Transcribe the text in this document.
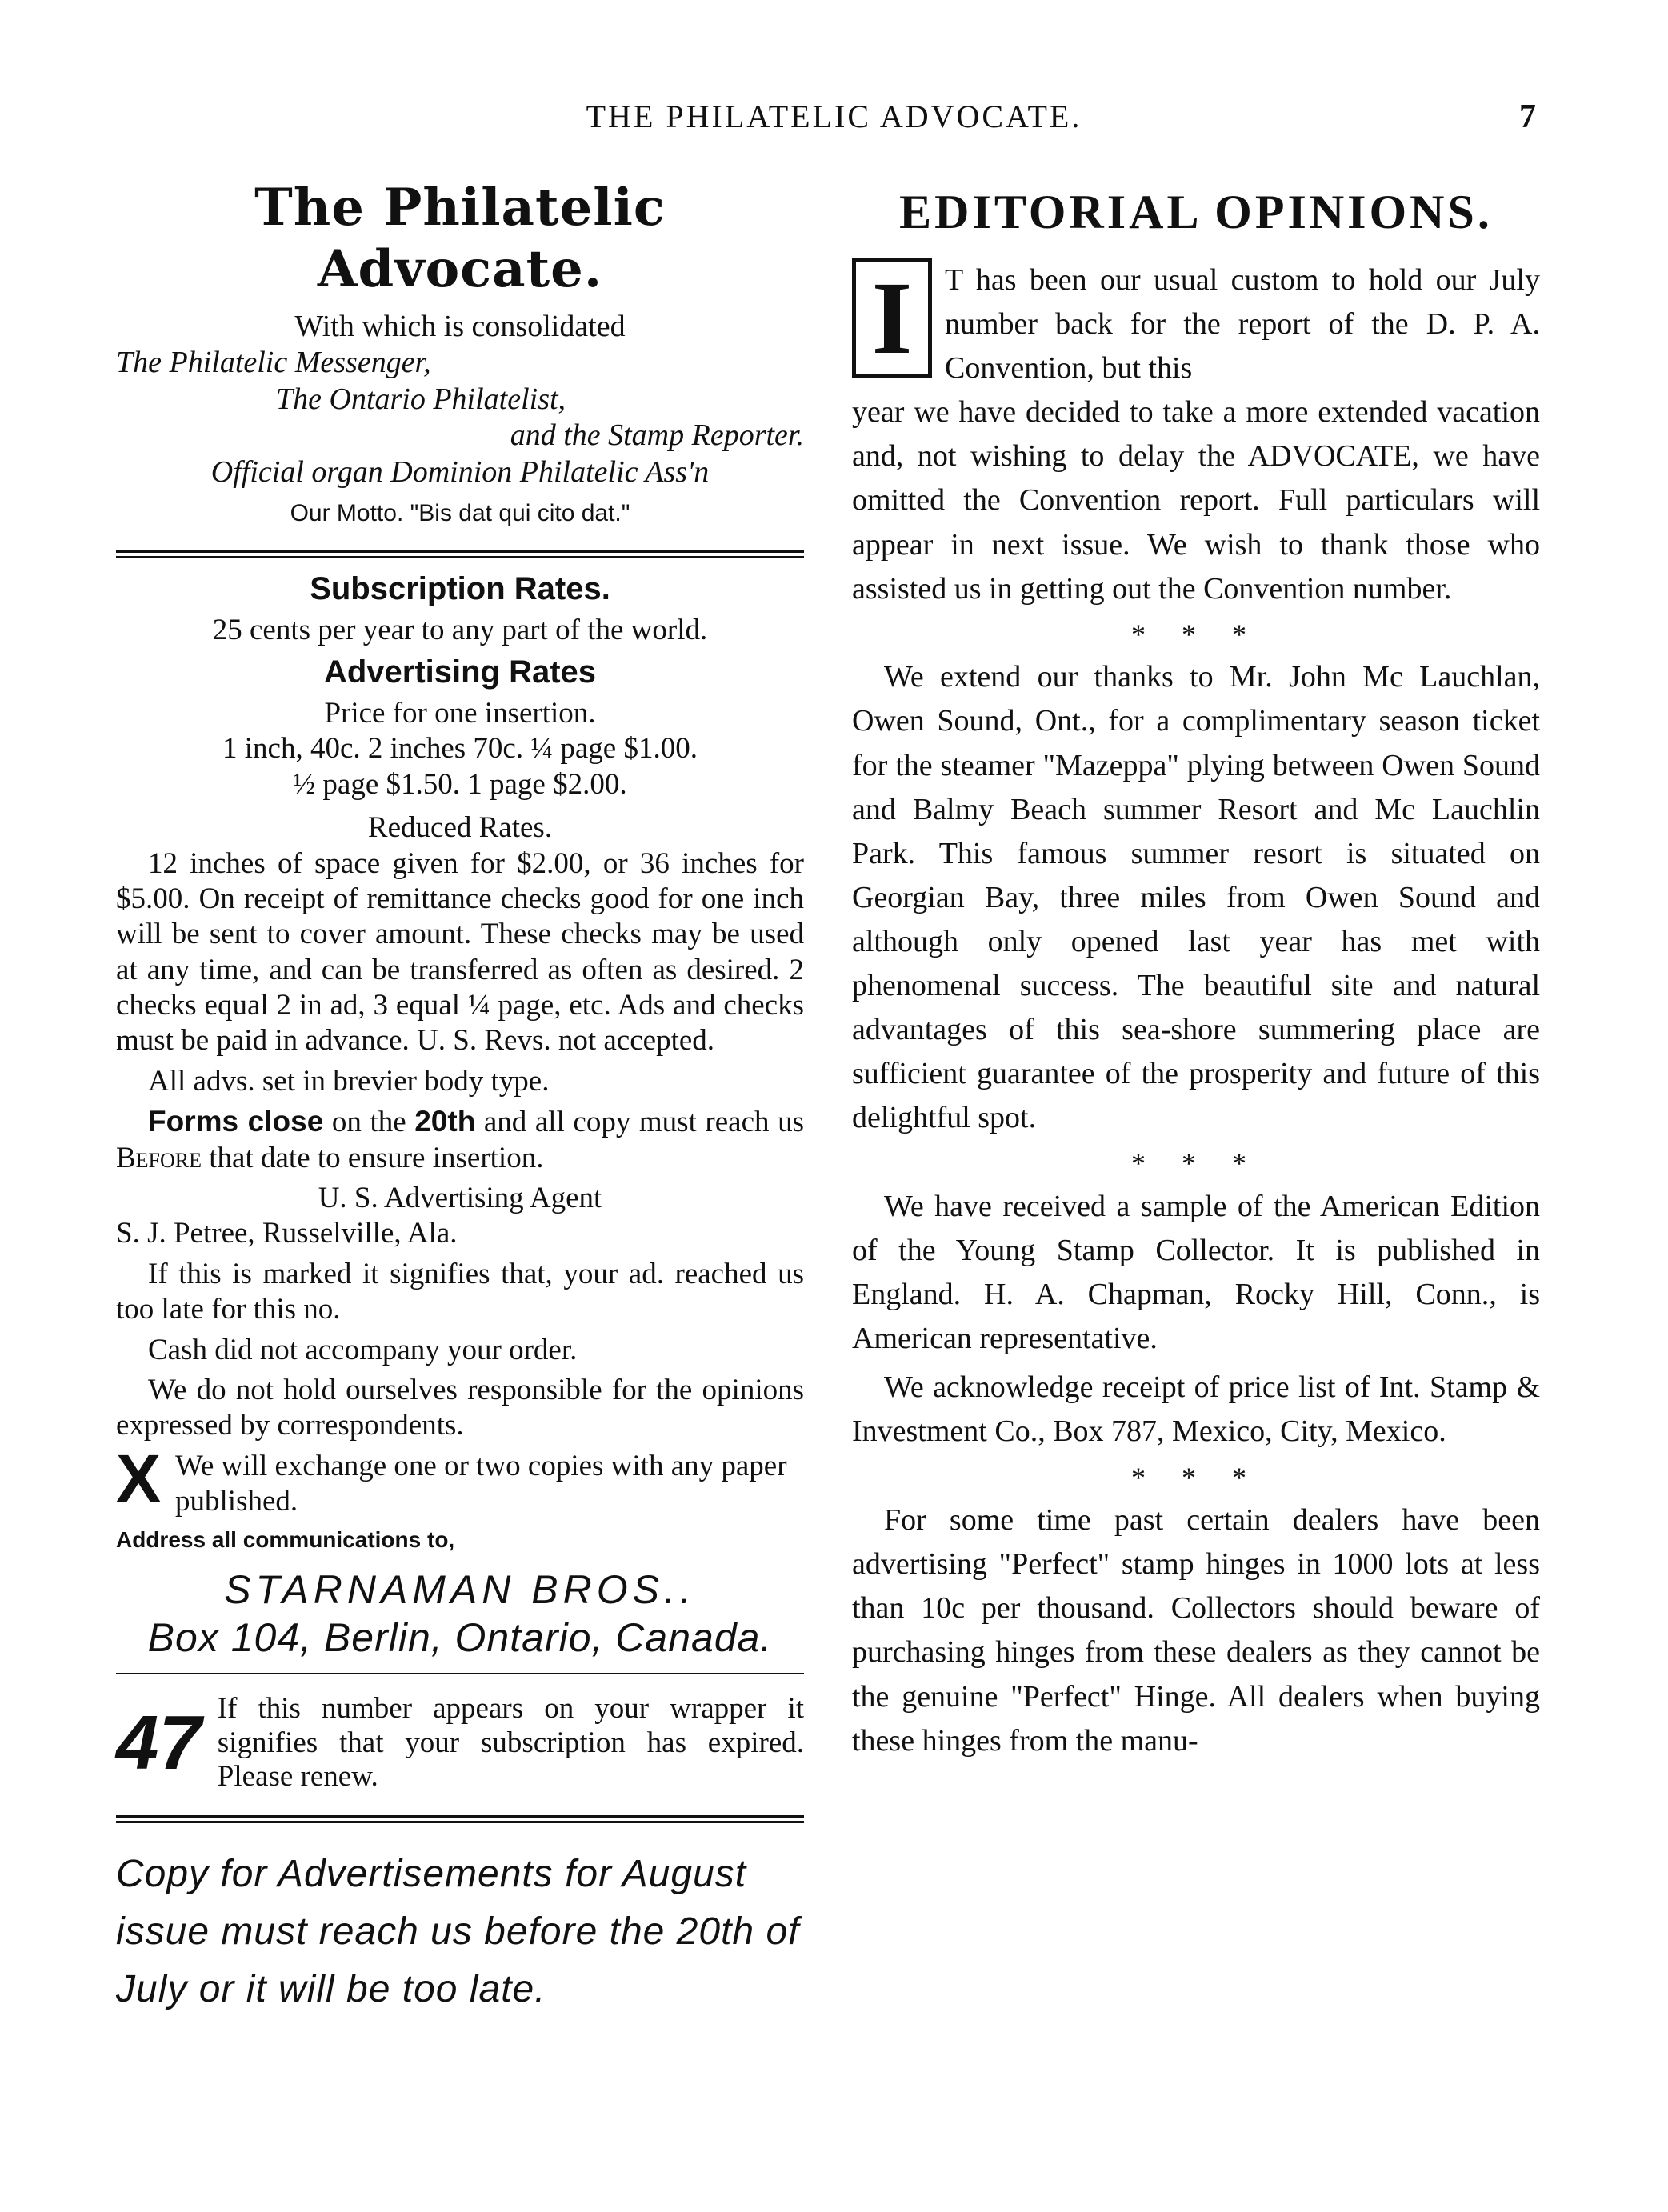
THE PHILATELIC ADVOCATE.	7
The Philatelic Advocate.
With which is consolidated
The Philatelic Messenger,
The Ontario Philatelist,
and the Stamp Reporter.
Official organ Dominion Philatelic Ass'n
Our Motto. "Bis dat qui cito dat."
Subscription Rates.
25 cents per year to any part of the world.
Advertising Rates
Price for one insertion.
1 inch, 40c. 2 inches 70c. ¼ page $1.00.
½ page $1.50. 1 page $2.00.
Reduced Rates.

12 inches of space given for $2.00, or 36 inches for $5.00. On receipt of remittance checks good for one inch will be sent to cover amount. These checks may be used at any time, and can be transferred as often as desired. 2 checks equal 2 in ad, 3 equal ¼ page, etc. Ads and checks must be paid in advance. U. S. Revs. not accepted.

All advs. set in brevier body type.

Forms close on the 20th and all copy must reach us Before that date to ensure insertion.

U. S. Advertising Agent
S. J. Petree, Russelville, Ala.

If this is marked it signifies that, your ad. reached us too late for this no.

Cash did not accompany your order.

We do not hold ourselves responsible for the opinions expressed by correspondents.

X We will exchange one or two copies with any paper published.
Address all communications to,
STARNAMAN BROS..
Box 104, Berlin, Ontario, Canada.
47 If this number appears on your wrapper it signifies that your subscription has expired. Please renew.
Copy for Advertisements for August issue must reach us before the 20th of July or it will be too late.
EDITORIAL OPINIONS.
I	T has been our usual custom to hold our July number back for the report of the D. P. A. Convention, but this

year we have decided to take a more extended vacation and, not wishing to delay the ADVOCATE, we have omitted the Convention report. Full particulars will appear in next issue. We wish to thank those who assisted us in getting out the Convention number.

* * *

We extend our thanks to Mr. John Mc Lauchlan, Owen Sound, Ont., for a complimentary season ticket for the steamer "Mazeppa" plying between Owen Sound and Balmy Beach summer Resort and Mc Lauchlin Park. This famous summer resort is situated on Georgian Bay, three miles from Owen Sound and although only opened last year has met with phenomenal success. The beautiful site and natural advantages of this sea-shore summering place are sufficient guarantee of the prosperity and future of this delightful spot.

* * *

We have received a sample of the American Edition of the Young Stamp Collector. It is published in England. H. A. Chapman, Rocky Hill, Conn., is American representative.

We acknowledge receipt of price list of Int. Stamp & Investment Co., Box 787, Mexico, City, Mexico.

* * *

For some time past certain dealers have been advertising "Perfect" stamp hinges in 1000 lots at less than 10c per thousand. Collectors should beware of purchasing hinges from these dealers as they cannot be the genuine "Perfect" Hinge. All dealers when buying these hinges from the manu-
